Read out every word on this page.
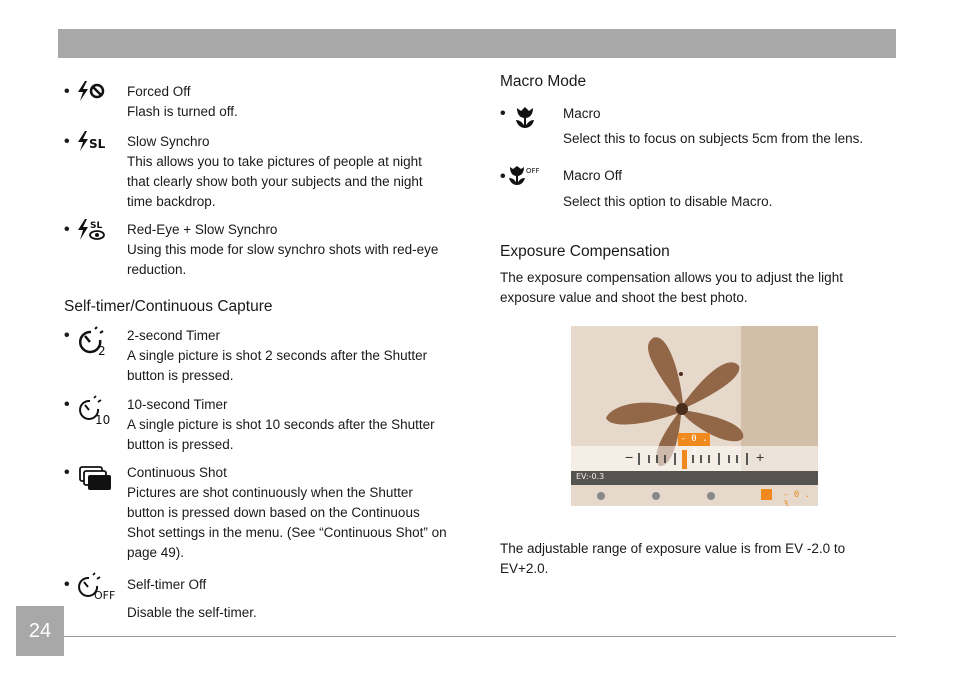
•	Forced Off
Flash is turned off.
• SL Slow Synchro
This allows you to take pictures of people at night
that clearly show both your subjects and the night
time backdrop.
• SL Red-Eye + Slow Synchro
Using this mode for slow synchro shots with red-eye
reduction.
Self-timer/Continuous Capture
•
2
2-second Timer
A single picture is shot 2 seconds after the Shutter
button is pressed.
•
10
10-second Timer
A single picture is shot 10 seconds after the Shutter
button is pressed.
•	Continuous Shot
Pictures are shot continuously when the Shutter
button is pressed down based on the Continuous
Shot settings in the menu. (See “Continuous Shot” on
page 49).
•
OFF
Self-timer Off
Disable the self-timer.
Macro Mode
•	Macro
Select this to focus on subjects 5cm from the lens.
•	OFF Macro Off
Select this option to disable Macro.
Exposure Compensation
The exposure compensation allows you to adjust the light
exposure value and shoot the best photo.
−	+
- 0 . 3
EV:-0.3
- 0 . 3
The adjustable range of exposure value is from EV -2.0 to
EV+2.0.
24
